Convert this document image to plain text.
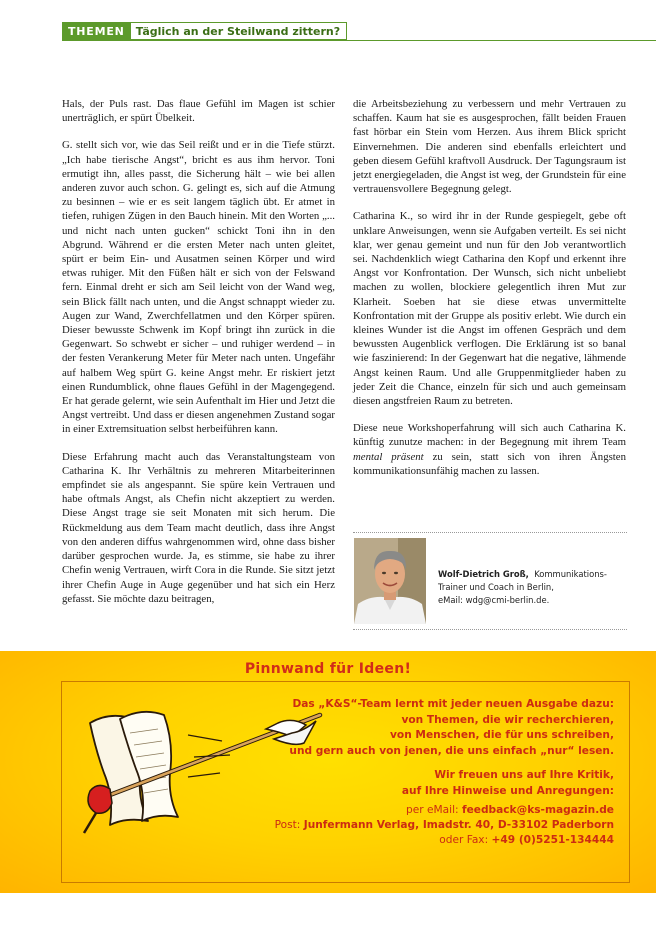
THEMEN	Täglich an der Steilwand zittern?

Hals, der Puls rast. Das flaue Gefühl im Magen ist schier unerträglich, er spürt Übelkeit.

G. stellt sich vor, wie das Seil reißt und er in die Tiefe stürzt. „Ich habe tierische Angst“, bricht es aus ihm hervor. Toni ermutigt ihn, alles passt, die Sicherung hält – wie bei allen anderen zuvor auch schon. G. gelingt es, sich auf die Atmung zu besinnen – wie er es seit langem täglich übt. Er atmet in tiefen, ruhigen Zügen in den Bauch hinein. Mit den Worten „... und nicht nach unten gucken“ schickt Toni ihn in den Abgrund. Während er die ersten Meter nach unten gleitet, spürt er beim Ein- und Ausatmen seinen Körper und wird etwas ruhiger. Mit den Füßen hält er sich von der Felswand fern. Einmal dreht er sich am Seil leicht von der Wand weg, sein Blick fällt nach unten, und die Angst schnappt wieder zu. Augen zur Wand, Zwerchfellatmen und den Körper spüren. Dieser bewusste Schwenk im Kopf bringt ihn zurück in die Gegenwart. So schwebt er sicher – und ruhiger werdend – in der festen Verankerung Meter für Meter nach unten. Ungefähr auf halbem Weg spürt G. keine Angst mehr. Er riskiert jetzt einen Rundumblick, ohne flaues Gefühl in der Magengegend. Er hat gerade gelernt, wie sein Aufenthalt im Hier und Jetzt die Angst vertreibt. Und dass er diesen angenehmen Zustand sogar in einer Extremsituation selbst herbeiführen kann.

Diese Erfahrung macht auch das Veranstaltungsteam von Catharina K. Ihr Verhältnis zu mehreren Mitarbeiterinnen empfindet sie als angespannt. Sie spüre kein Vertrauen und habe oftmals Angst, als Chefin nicht akzeptiert zu werden. Diese Angst trage sie seit Monaten mit sich herum. Die Rückmeldung aus dem Team macht deutlich, dass ihre Angst von den anderen diffus wahrgenommen wird, ohne dass bisher darüber gesprochen wurde. Ja, es stimme, sie habe zu ihrer Chefin wenig Vertrauen, wirft Cora in die Runde. Sie sitzt jetzt ihrer Chefin Auge in Auge gegenüber und hat sich ein Herz gefasst. Sie möchte dazu beitragen,

die Arbeitsbeziehung zu verbessern und mehr Vertrauen zu schaffen. Kaum hat sie es ausgesprochen, fällt beiden Frauen fast hörbar ein Stein vom Herzen. Aus ihrem Blick spricht Einvernehmen. Die anderen sind ebenfalls erleichtert und geben diesem Gefühl kraftvoll Ausdruck. Der Tagungsraum ist jetzt energiegeladen, die Angst ist weg, der Grundstein für eine vertrauensvollere Begegnung gelegt.

Catharina K., so wird ihr in der Runde gespiegelt, gebe oft unklare Anweisungen, wenn sie Aufgaben verteilt. Es sei nicht klar, wer genau gemeint und nun für den Job verantwortlich sei. Nachdenklich wiegt Catharina den Kopf und erkennt ihre Angst vor Konfrontation. Der Wunsch, sich nicht unbeliebt machen zu wollen, blockiere gelegentlich ihren Mut zur Klarheit. Soeben hat sie diese etwas unvermittelte Konfrontation mit der Gruppe als positiv erlebt. Wie durch ein kleines Wunder ist die Angst im offenen Gespräch und dem bewussten Augenblick verflogen. Die Erklärung ist so banal wie faszinierend: In der Gegenwart hat die negative, lähmende Angst keinen Raum. Und alle Gruppenmitglieder haben zu jeder Zeit die Chance, einzeln für sich und auch gemeinsam diesen angstfreien Raum zu betreten.

Diese neue Workshoperfahrung will sich auch Catharina K. künftig zunutze machen: in der Begegnung mit ihrem Team mental präsent zu sein, statt sich von ihren Ängsten kommunikationsunfähig machen zu lassen.

Wolf-Dietrich Groß, Kommunikations-
Trainer und Coach in Berlin,
eMail: wdg@cmi-berlin.de.
Pinnwand für Ideen!
Das „K&S“-Team lernt mit jeder neuen Ausgabe dazu:
von Themen, die wir recherchieren,
von Menschen, die für uns schreiben,
und gern auch von jenen, die uns einfach „nur“ lesen.
Wir freuen uns auf Ihre Kritik,
auf Ihre Hinweise und Anregungen:
per eMail: feedback@ks-magazin.de
Post: Junfermann Verlag, Imadstr. 40, D-33102 Paderborn
oder Fax: +49 (0)5251-134444
